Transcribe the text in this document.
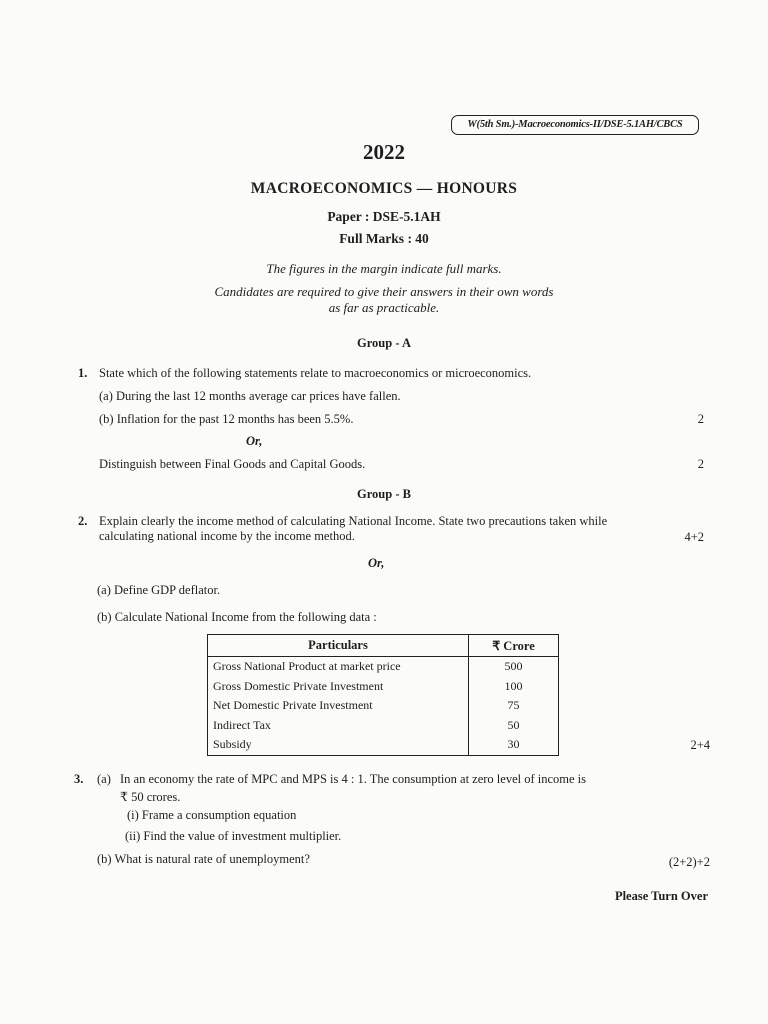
W(5th Sm.)-Macroeconomics-II/DSE-5.1AH/CBCS
2022
MACROECONOMICS — HONOURS
Paper : DSE-5.1AH
Full Marks : 40
The figures in the margin indicate full marks.
Candidates are required to give their answers in their own words
as far as practicable.
Group - A
1. State which of the following statements relate to macroeconomics or microeconomics.
(a) During the last 12 months average car prices have fallen.
(b) Inflation for the past 12 months has been 5.5%.	2
Or,
Distinguish between Final Goods and Capital Goods.	2
Group - B
2. Explain clearly the income method of calculating National Income. State two precautions taken while
calculating national income by the income method.	4+2
Or,
(a) Define GDP deflator.
(b) Calculate National Income from the following data :
Particulars	₹ Crore
Gross National Product at market price	500
Gross Domestic Private Investment	100
Net Domestic Private Investment	75
Indirect Tax	50
Subsidy	30	2+4
3. (a) In an economy the rate of MPC and MPS is 4 : 1. The consumption at zero level of income is
₹ 50 crores.
(i) Frame a consumption equation
(ii) Find the value of investment multiplier.
(b) What is natural rate of unemployment?	(2+2)+2
Please Turn Over
